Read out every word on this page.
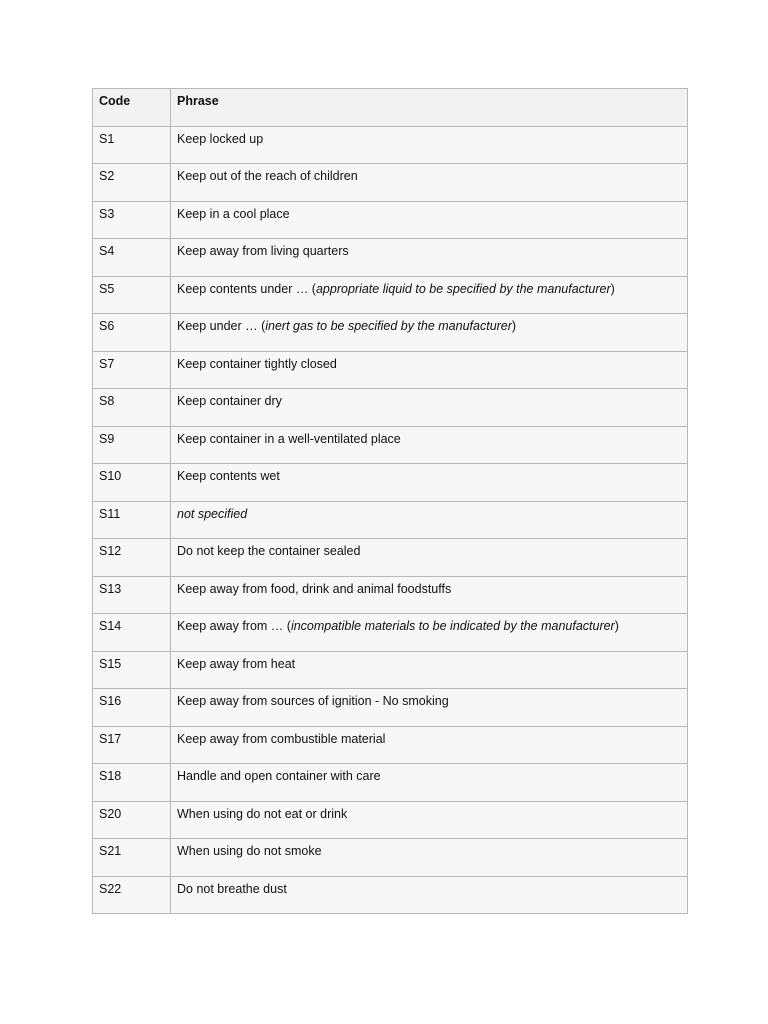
Code	Phrase

S1	Keep locked up

S2	Keep out of the reach of children

S3	Keep in a cool place

S4	Keep away from living quarters

S5	Keep contents under … (appropriate liquid to be specified by the manufacturer)

S6	Keep under … (inert gas to be specified by the manufacturer)

S7	Keep container tightly closed

S8	Keep container dry

S9	Keep container in a well-ventilated place

S10	Keep contents wet

S11	not specified

S12	Do not keep the container sealed

S13	Keep away from food, drink and animal foodstuffs

S14	Keep away from … (incompatible materials to be indicated by the manufacturer)

S15	Keep away from heat

S16	Keep away from sources of ignition - No smoking

S17	Keep away from combustible material

S18	Handle and open container with care

S20	When using do not eat or drink

S21	When using do not smoke

S22	Do not breathe dust
